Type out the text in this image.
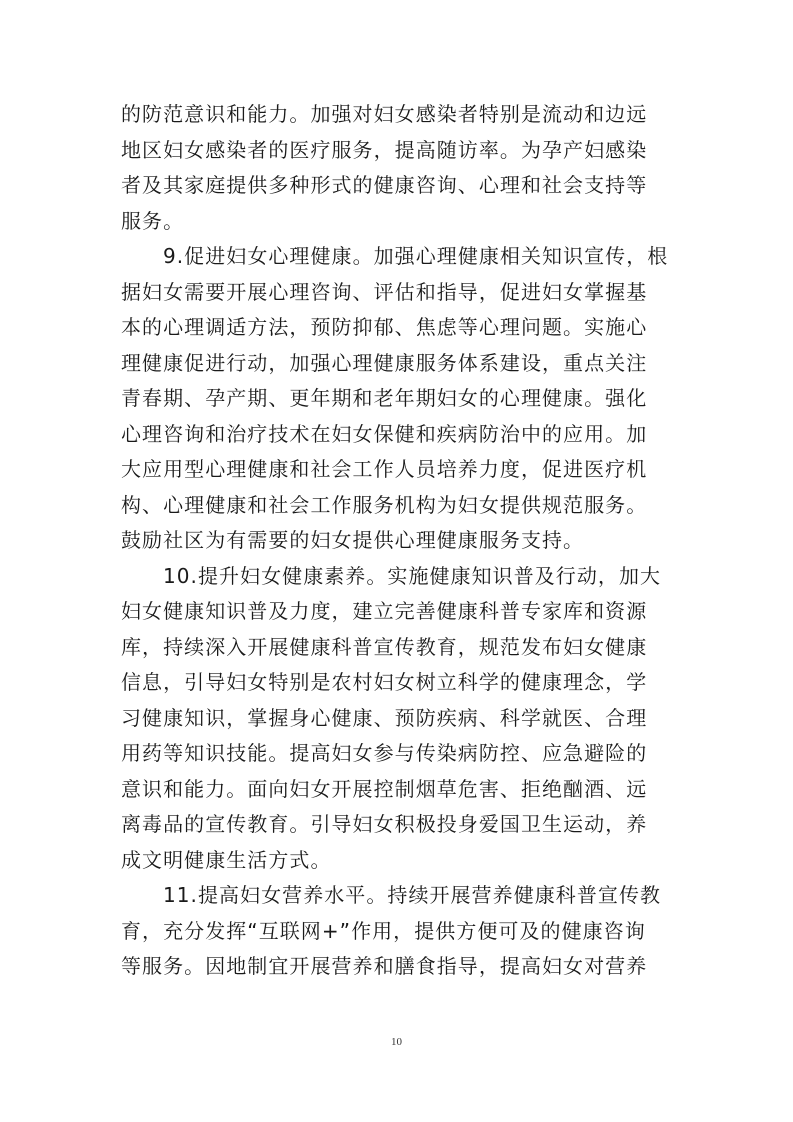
的防范意识和能力。加强对妇女感染者特别是流动和边远
地区妇女感染者的医疗服务，提高随访率。为孕产妇感染
者及其家庭提供多种形式的健康咨询、心理和社会支持等
服务。

9.促进妇女心理健康。加强心理健康相关知识宣传，根
据妇女需要开展心理咨询、评估和指导，促进妇女掌握基
本的心理调适方法，预防抑郁、焦虑等心理问题。实施心
理健康促进行动，加强心理健康服务体系建设，重点关注
青春期、孕产期、更年期和老年期妇女的心理健康。强化
心理咨询和治疗技术在妇女保健和疾病防治中的应用。加
大应用型心理健康和社会工作人员培养力度，促进医疗机
构、心理健康和社会工作服务机构为妇女提供规范服务。
鼓励社区为有需要的妇女提供心理健康服务支持。

10.提升妇女健康素养。实施健康知识普及行动，加大
妇女健康知识普及力度，建立完善健康科普专家库和资源
库，持续深入开展健康科普宣传教育，规范发布妇女健康
信息，引导妇女特别是农村妇女树立科学的健康理念，学
习健康知识，掌握身心健康、预防疾病、科学就医、合理
用药等知识技能。提高妇女参与传染病防控、应急避险的
意识和能力。面向妇女开展控制烟草危害、拒绝酗酒、远
离毒品的宣传教育。引导妇女积极投身爱国卫生运动，养
成文明健康生活方式。

11.提高妇女营养水平。持续开展营养健康科普宣传教
育，充分发挥“互联网+”作用，提供方便可及的健康咨询
等服务。因地制宜开展营养和膳食指导，提高妇女对营养

10
